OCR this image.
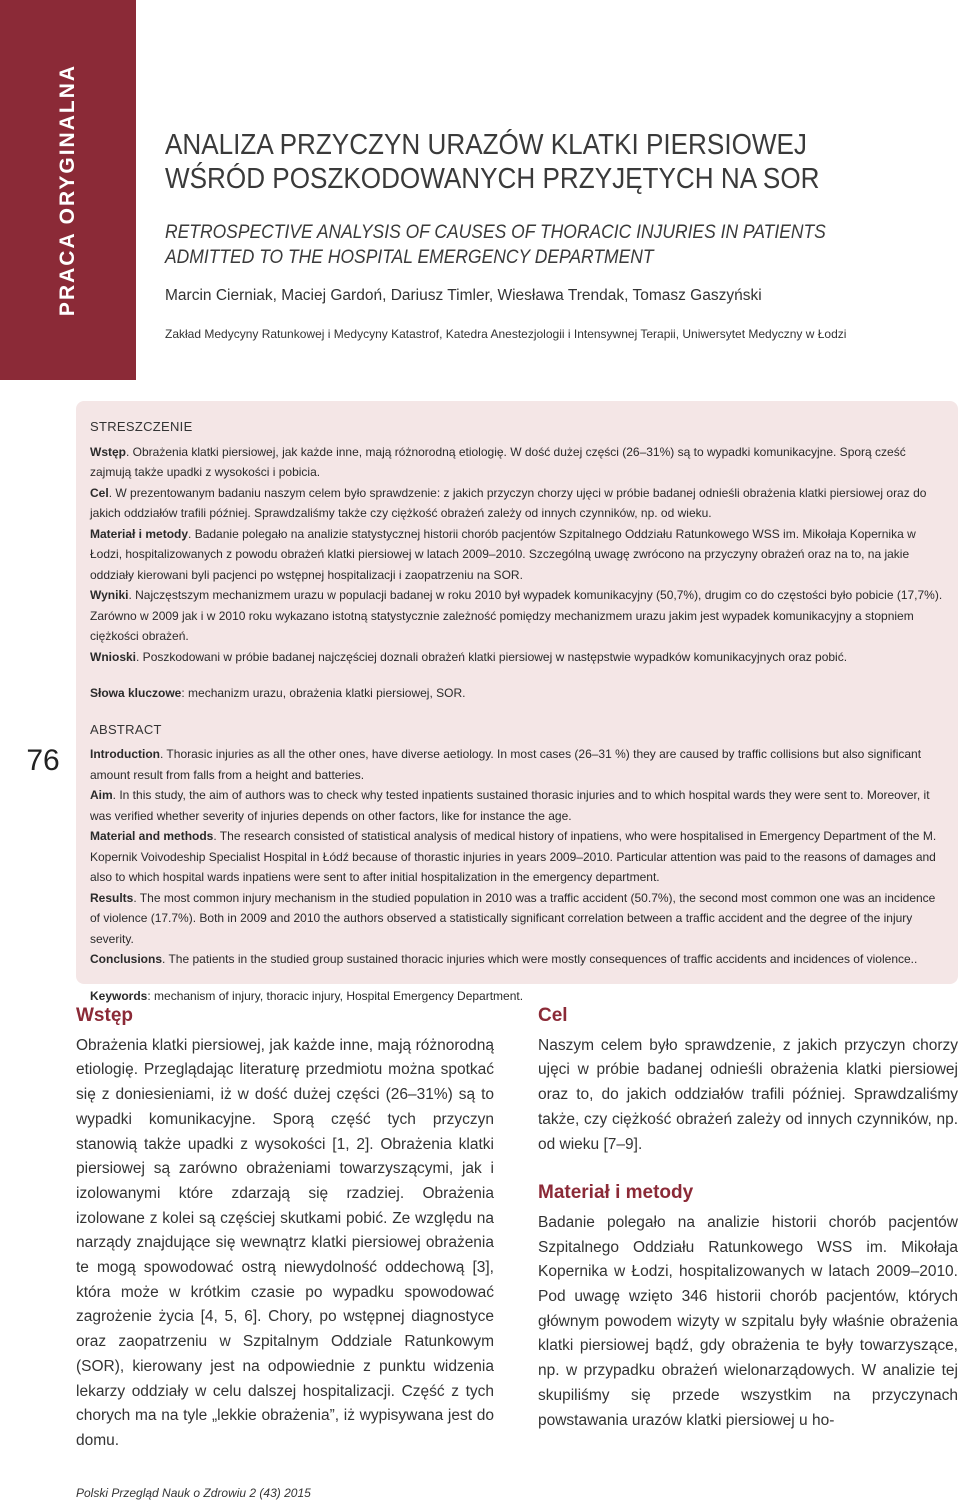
PRACA ORYGINALNA
76
ANALIZA PRZYCZYN URAZÓW KLATKI PIERSIOWEJ WŚRÓD POSZKODOWANYCH PRZYJĘTYCH NA SOR
RETROSPECTIVE ANALYSIS OF CAUSES OF THORACIC INJURIES IN PATIENTS ADMITTED TO THE HOSPITAL EMERGENCY DEPARTMENT
Marcin Cierniak, Maciej Gardoń, Dariusz Timler, Wiesława Trendak, Tomasz Gaszyński
Zakład Medycyny Ratunkowej i Medycyny Katastrof, Katedra Anestezjologii i Intensywnej Terapii, Uniwersytet Medyczny w Łodzi
STRESZCZENIE

Wstęp. Obrażenia klatki piersiowej, jak każde inne, mają różnorodną etiologię. W dość dużej części (26–31%) są to wypadki komunikacyjne. Sporą cześć zajmują także upadki z wysokości i pobicia.

Cel. W prezentowanym badaniu naszym celem było sprawdzenie: z jakich przyczyn chorzy ujęci w próbie badanej odnieśli obrażenia klatki piersiowej oraz do jakich oddziałów trafili później. Sprawdzaliśmy także czy ciężkość obrażeń zależy od innych czynników, np. od wieku.

Materiał i metody. Badanie polegało na analizie statystycznej historii chorób pacjentów Szpitalnego Oddziału Ratunkowego WSS im. Mikołaja Kopernika w Łodzi, hospitalizowanych z powodu obrażeń klatki piersiowej w latach 2009–2010. Szczególną uwagę zwrócono na przyczyny obrażeń oraz na to, na jakie oddziały kierowani byli pacjenci po wstępnej hospitalizacji i zaopatrzeniu na SOR.

Wyniki. Najczęstszym mechanizmem urazu w populacji badanej w roku 2010 był wypadek komunikacyjny (50,7%), drugim co do częstości było pobicie (17,7%). Zarówno w 2009 jak i w 2010 roku wykazano istotną statystycznie zależność pomiędzy mechanizmem urazu jakim jest wypadek komunikacyjny a stopniem ciężkości obrażeń.

Wnioski. Poszkodowani w próbie badanej najczęściej doznali obrażeń klatki piersiowej w następstwie wypadków komunikacyjnych oraz pobić.

Słowa kluczowe: mechanizm urazu, obrażenia klatki piersiowej, SOR.

ABSTRACT

Introduction. Thorasic injuries as all the other ones, have diverse aetiology. In most cases (26–31 %) they are caused by traffic collisions but also significant amount result from falls from a height and batteries.

Aim. In this study, the aim of authors was to check why tested inpatients sustained thorasic injuries and to which hospital wards they were sent to. Moreover, it was verified whether severity of injuries depends on other factors, like for instance the age.

Material and methods. The research consisted of statistical analysis of medical history of inpatiens, who were hospitalised in Emergency Department of the M. Kopernik Voivodeship Specialist Hospital in Łódź because of thorastic injuries in years 2009–2010. Particular attention was paid to the reasons of damages and also to which hospital wards inpatiens were sent to after initial hospitalization in the emergency department.

Results. The most common injury mechanism in the studied population in 2010 was a traffic accident (50.7%), the second most common one was an incidence of violence (17.7%). Both in 2009 and 2010 the authors observed a statistically significant correlation between a traffic accident and the degree of the injury severity.

Conclusions. The patients in the studied group sustained thoracic injuries which were mostly consequences of traffic accidents and incidences of violence..

Keywords: mechanism of injury, thoracic injury, Hospital Emergency Department.

Wstęp

Obrażenia klatki piersiowej, jak każde inne, mają różnorodną etiologię. Przeglądając literaturę przedmiotu można spotkać się z doniesieniami, iż w dość dużej części (26–31%) są to wypadki komunikacyjne. Sporą część tych przyczyn stanowią także upadki z wysokości [1, 2]. Obrażenia klatki piersiowej są zarówno obrażeniami towarzyszącymi, jak i izolowanymi które zdarzają się rzadziej. Obrażenia izolowane z kolei są częściej skutkami pobić. Ze względu na narządy znajdujące się wewnątrz klatki piersiowej obrażenia te mogą spowodować ostrą niewydolność oddechową [3], która może w krótkim czasie po wypadku spowodować zagrożenie życia [4, 5, 6]. Chory, po wstępnej diagnostyce oraz zaopatrzeniu w Szpitalnym Oddziale Ratunkowym (SOR), kierowany jest na odpowiednie z punktu widzenia lekarzy oddziały w celu dalszej hospitalizacji. Część z tych chorych ma na tyle „lekkie obrażenia”, iż wypisywana jest do domu.

Cel

Naszym celem było sprawdzenie, z jakich przyczyn chorzy ujęci w próbie badanej odnieśli obrażenia klatki piersiowej oraz to, do jakich oddziałów trafili później. Sprawdzaliśmy także, czy ciężkość obrażeń zależy od innych czynników, np. od wieku [7–9].

Materiał i metody

Badanie polegało na analizie historii chorób pacjentów Szpitalnego Oddziału Ratunkowego WSS im. Mikołaja Kopernika w Łodzi, hospitalizowanych w latach 2009–2010. Pod uwagę wzięto 346 historii chorób pacjentów, których głównym powodem wizyty w szpitalu były właśnie obrażenia klatki piersiowej bądź, gdy obrażenia te były towarzyszące, np. w przypadku obrażeń wielonarządowych. W analizie tej skupiliśmy się przede wszystkim na przyczynach powstawania urazów klatki piersiowej u ho-

Polski Przegląd Nauk o Zdrowiu 2 (43) 2015
